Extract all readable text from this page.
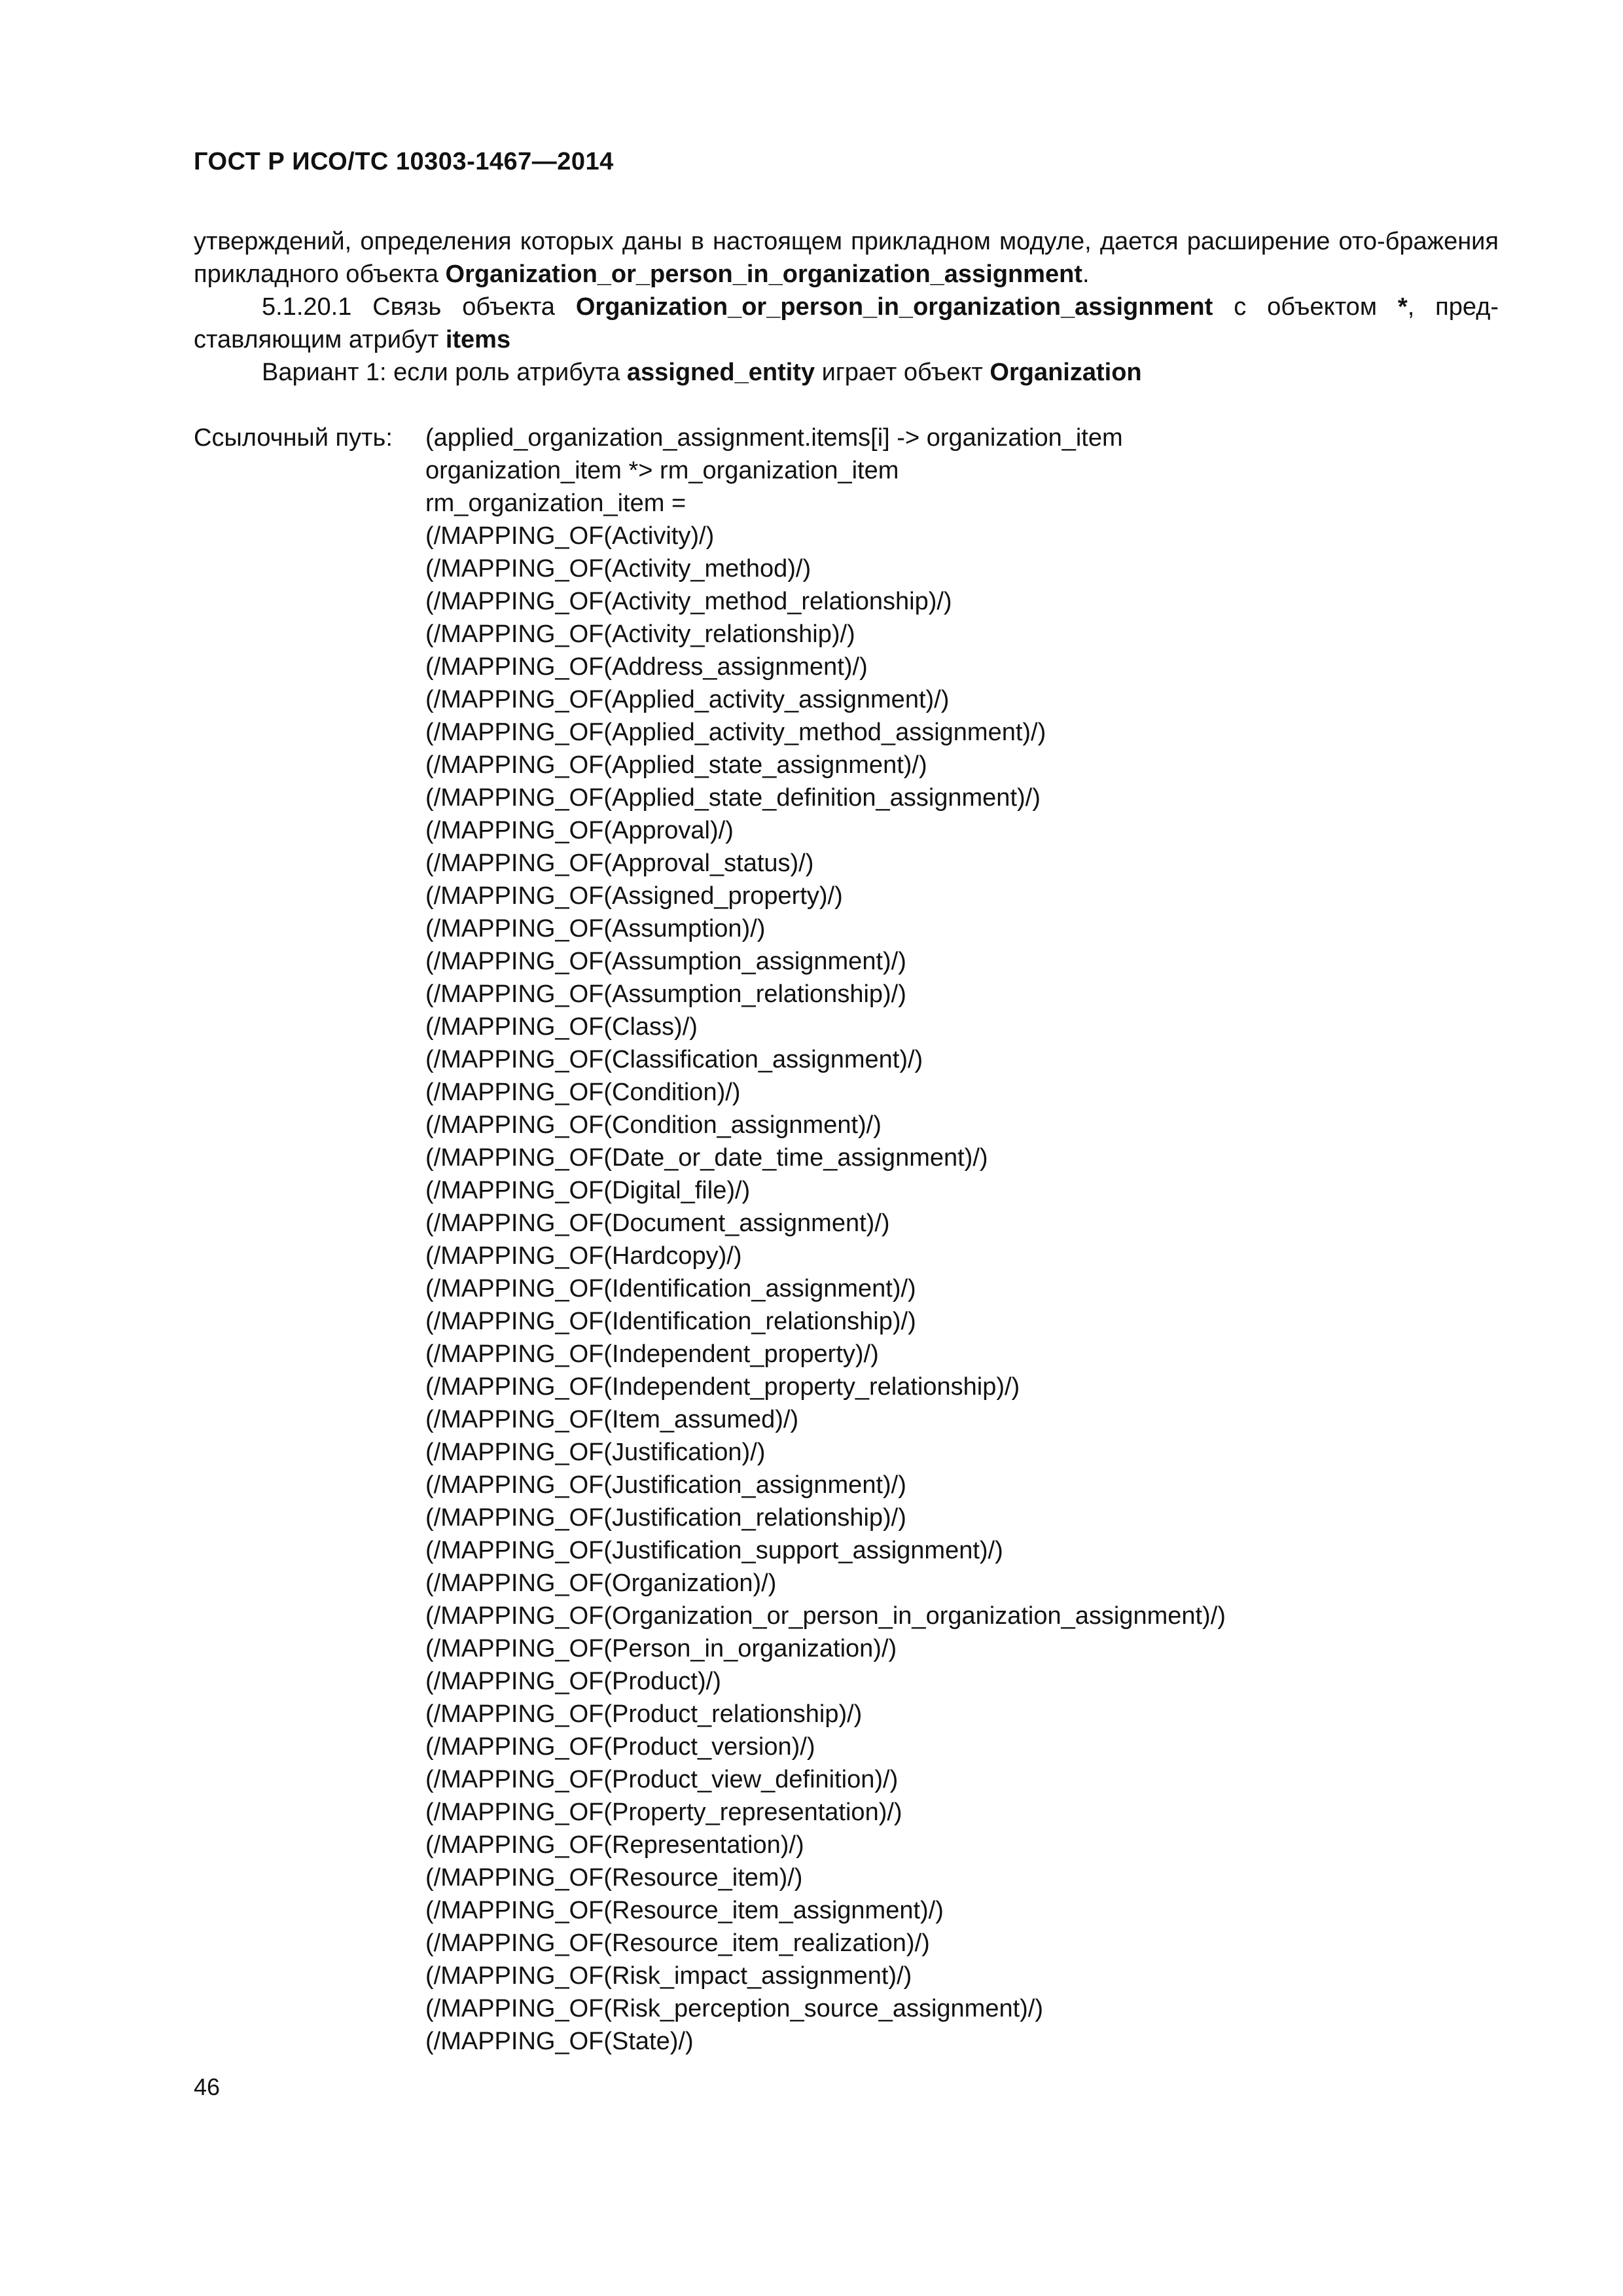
ГОСТ Р ИСО/ТС 10303-1467—2014
утверждений, определения которых даны в настоящем прикладном модуле, дается расширение ото-бражения прикладного объекта Organization_or_person_in_organization_assignment.
5.1.20.1 Связь объекта Organization_or_person_in_organization_assignment с объектом *, пред-ставляющим атрибут items
Вариант 1: если роль атрибута assigned_entity играет объект Organization
Ссылочный путь:	(applied_organization_assignment.items[i] -> organization_item
organization_item *> rm_organization_item
rm_organization_item =
(/MAPPING_OF(Activity)/)
(/MAPPING_OF(Activity_method)/)
(/MAPPING_OF(Activity_method_relationship)/)
(/MAPPING_OF(Activity_relationship)/)
(/MAPPING_OF(Address_assignment)/)
(/MAPPING_OF(Applied_activity_assignment)/)
(/MAPPING_OF(Applied_activity_method_assignment)/)
(/MAPPING_OF(Applied_state_assignment)/)
(/MAPPING_OF(Applied_state_definition_assignment)/)
(/MAPPING_OF(Approval)/)
(/MAPPING_OF(Approval_status)/)
(/MAPPING_OF(Assigned_property)/)
(/MAPPING_OF(Assumption)/)
(/MAPPING_OF(Assumption_assignment)/)
(/MAPPING_OF(Assumption_relationship)/)
(/MAPPING_OF(Class)/)
(/MAPPING_OF(Classification_assignment)/)
(/MAPPING_OF(Condition)/)
(/MAPPING_OF(Condition_assignment)/)
(/MAPPING_OF(Date_or_date_time_assignment)/)
(/MAPPING_OF(Digital_file)/)
(/MAPPING_OF(Document_assignment)/)
(/MAPPING_OF(Hardcopy)/)
(/MAPPING_OF(Identification_assignment)/)
(/MAPPING_OF(Identification_relationship)/)
(/MAPPING_OF(Independent_property)/)
(/MAPPING_OF(Independent_property_relationship)/)
(/MAPPING_OF(Item_assumed)/)
(/MAPPING_OF(Justification)/)
(/MAPPING_OF(Justification_assignment)/)
(/MAPPING_OF(Justification_relationship)/)
(/MAPPING_OF(Justification_support_assignment)/)
(/MAPPING_OF(Organization)/)
(/MAPPING_OF(Organization_or_person_in_organization_assignment)/)
(/MAPPING_OF(Person_in_organization)/)
(/MAPPING_OF(Product)/)
(/MAPPING_OF(Product_relationship)/)
(/MAPPING_OF(Product_version)/)
(/MAPPING_OF(Product_view_definition)/)
(/MAPPING_OF(Property_representation)/)
(/MAPPING_OF(Representation)/)
(/MAPPING_OF(Resource_item)/)
(/MAPPING_OF(Resource_item_assignment)/)
(/MAPPING_OF(Resource_item_realization)/)
(/MAPPING_OF(Risk_impact_assignment)/)
(/MAPPING_OF(Risk_perception_source_assignment)/)
(/MAPPING_OF(State)/)
46
